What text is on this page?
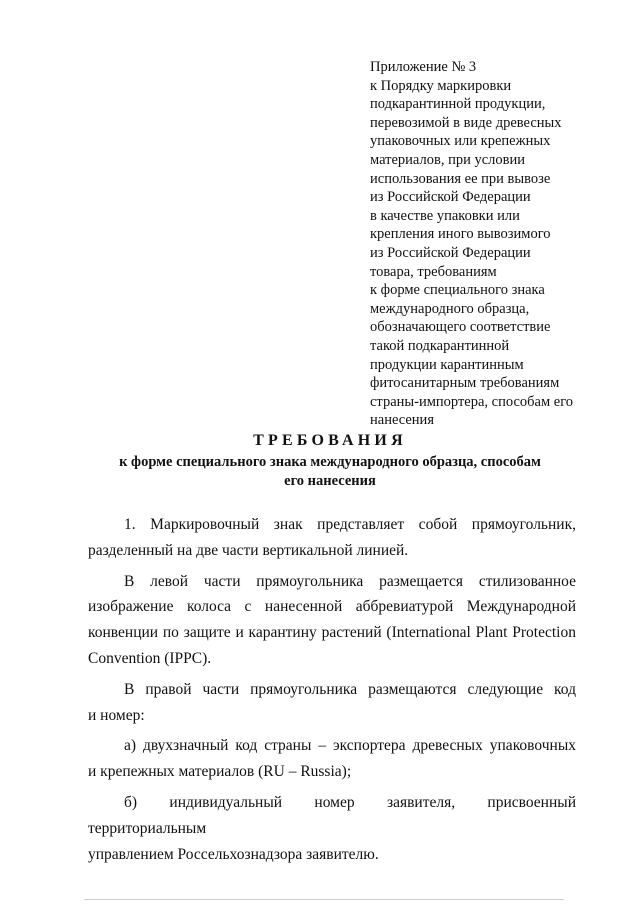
Приложение № 3
к Порядку маркировки
подкарантинной продукции,
перевозимой в виде древесных
упаковочных или крепежных
материалов, при условии
использования ее при вывозе
из Российской Федерации
в качестве упаковки или
крепления иного вывозимого
из Российской Федерации
товара, требованиям
к форме специального знака
международного образца,
обозначающего соответствие
такой подкарантинной
продукции карантинным
фитосанитарным требованиям
страны-импортера, способам его
нанесения
ТРЕБОВАНИЯ
к форме специального знака международного образца, способам
его нанесения

1. Маркировочный знак представляет собой прямоугольник,
разделенный на две части вертикальной линией.

В левой части прямоугольника размещается стилизованное
изображение колоса с нанесенной аббревиатурой Международной
конвенции по защите и карантину растений (International Plant Protection
Convention (IPPC).

В правой части прямоугольника размещаются следующие код
и номер:

а) двухзначный код страны – экспортера древесных упаковочных
и крепежных материалов (RU – Russia);

б) индивидуальный номер заявителя, присвоенный территориальным
управлением Россельхознадзора заявителю.
